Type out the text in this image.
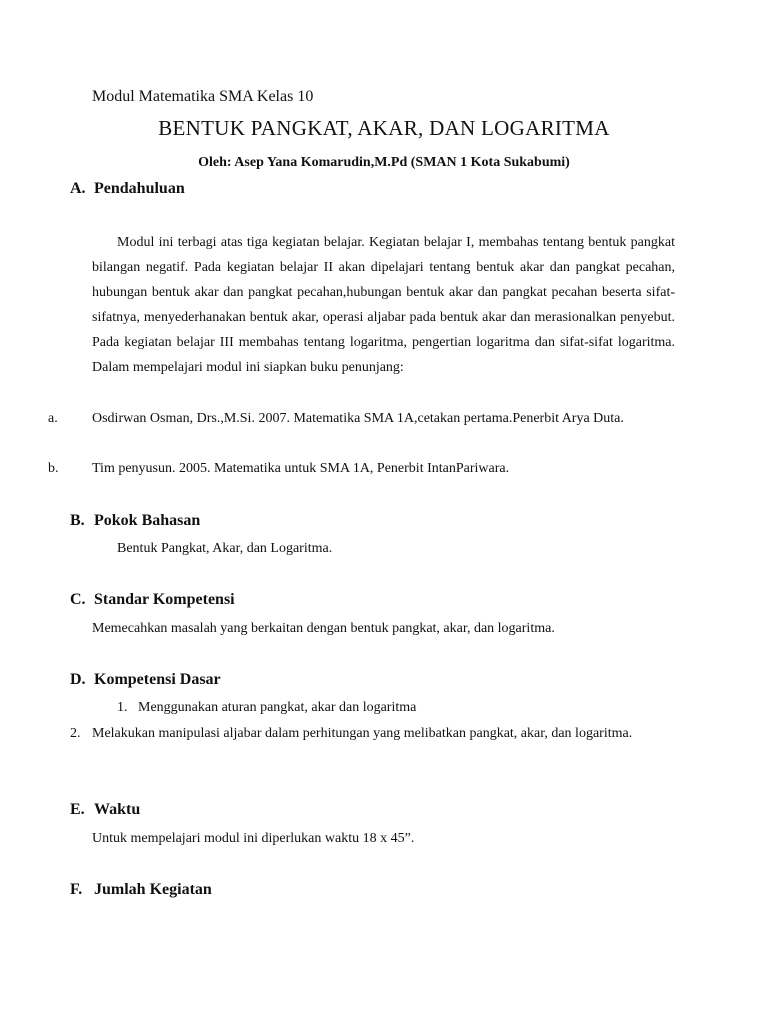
Modul Matematika SMA Kelas 10
BENTUK PANGKAT, AKAR, DAN LOGARITMA
Oleh: Asep Yana Komarudin,M.Pd (SMAN 1 Kota Sukabumi)
A. Pendahuluan

Modul ini terbagi atas tiga kegiatan belajar. Kegiatan belajar I, membahas tentang bentuk pangkat bilangan negatif. Pada kegiatan belajar II akan dipelajari tentang bentuk akar dan pangkat pecahan, hubungan bentuk akar dan pangkat pecahan,hubungan bentuk akar dan pangkat pecahan beserta sifat-sifatnya, menyederhanakan bentuk akar, operasi aljabar pada bentuk akar dan merasionalkan penyebut. Pada kegiatan belajar III membahas tentang logaritma, pengertian logaritma dan sifat-sifat logaritma. Dalam mempelajari modul ini siapkan buku penunjang:

a. Osdirwan Osman, Drs.,M.Si. 2007. Matematika SMA 1A,cetakan pertama.Penerbit Arya Duta.
b. Tim penyusun. 2005. Matematika untuk SMA 1A, Penerbit IntanPariwara.
B. Pokok Bahasan
Bentuk Pangkat, Akar, dan Logaritma.
C. Standar Kompetensi
Memecahkan masalah yang berkaitan dengan bentuk pangkat, akar, dan logaritma.
D. Kompetensi Dasar
1. Menggunakan aturan pangkat, akar dan logaritma
2. Melakukan manipulasi aljabar dalam perhitungan yang melibatkan pangkat, akar, dan logaritma.
E. Waktu
Untuk mempelajari modul ini diperlukan waktu 18 x 45”.
F. Jumlah Kegiatan
